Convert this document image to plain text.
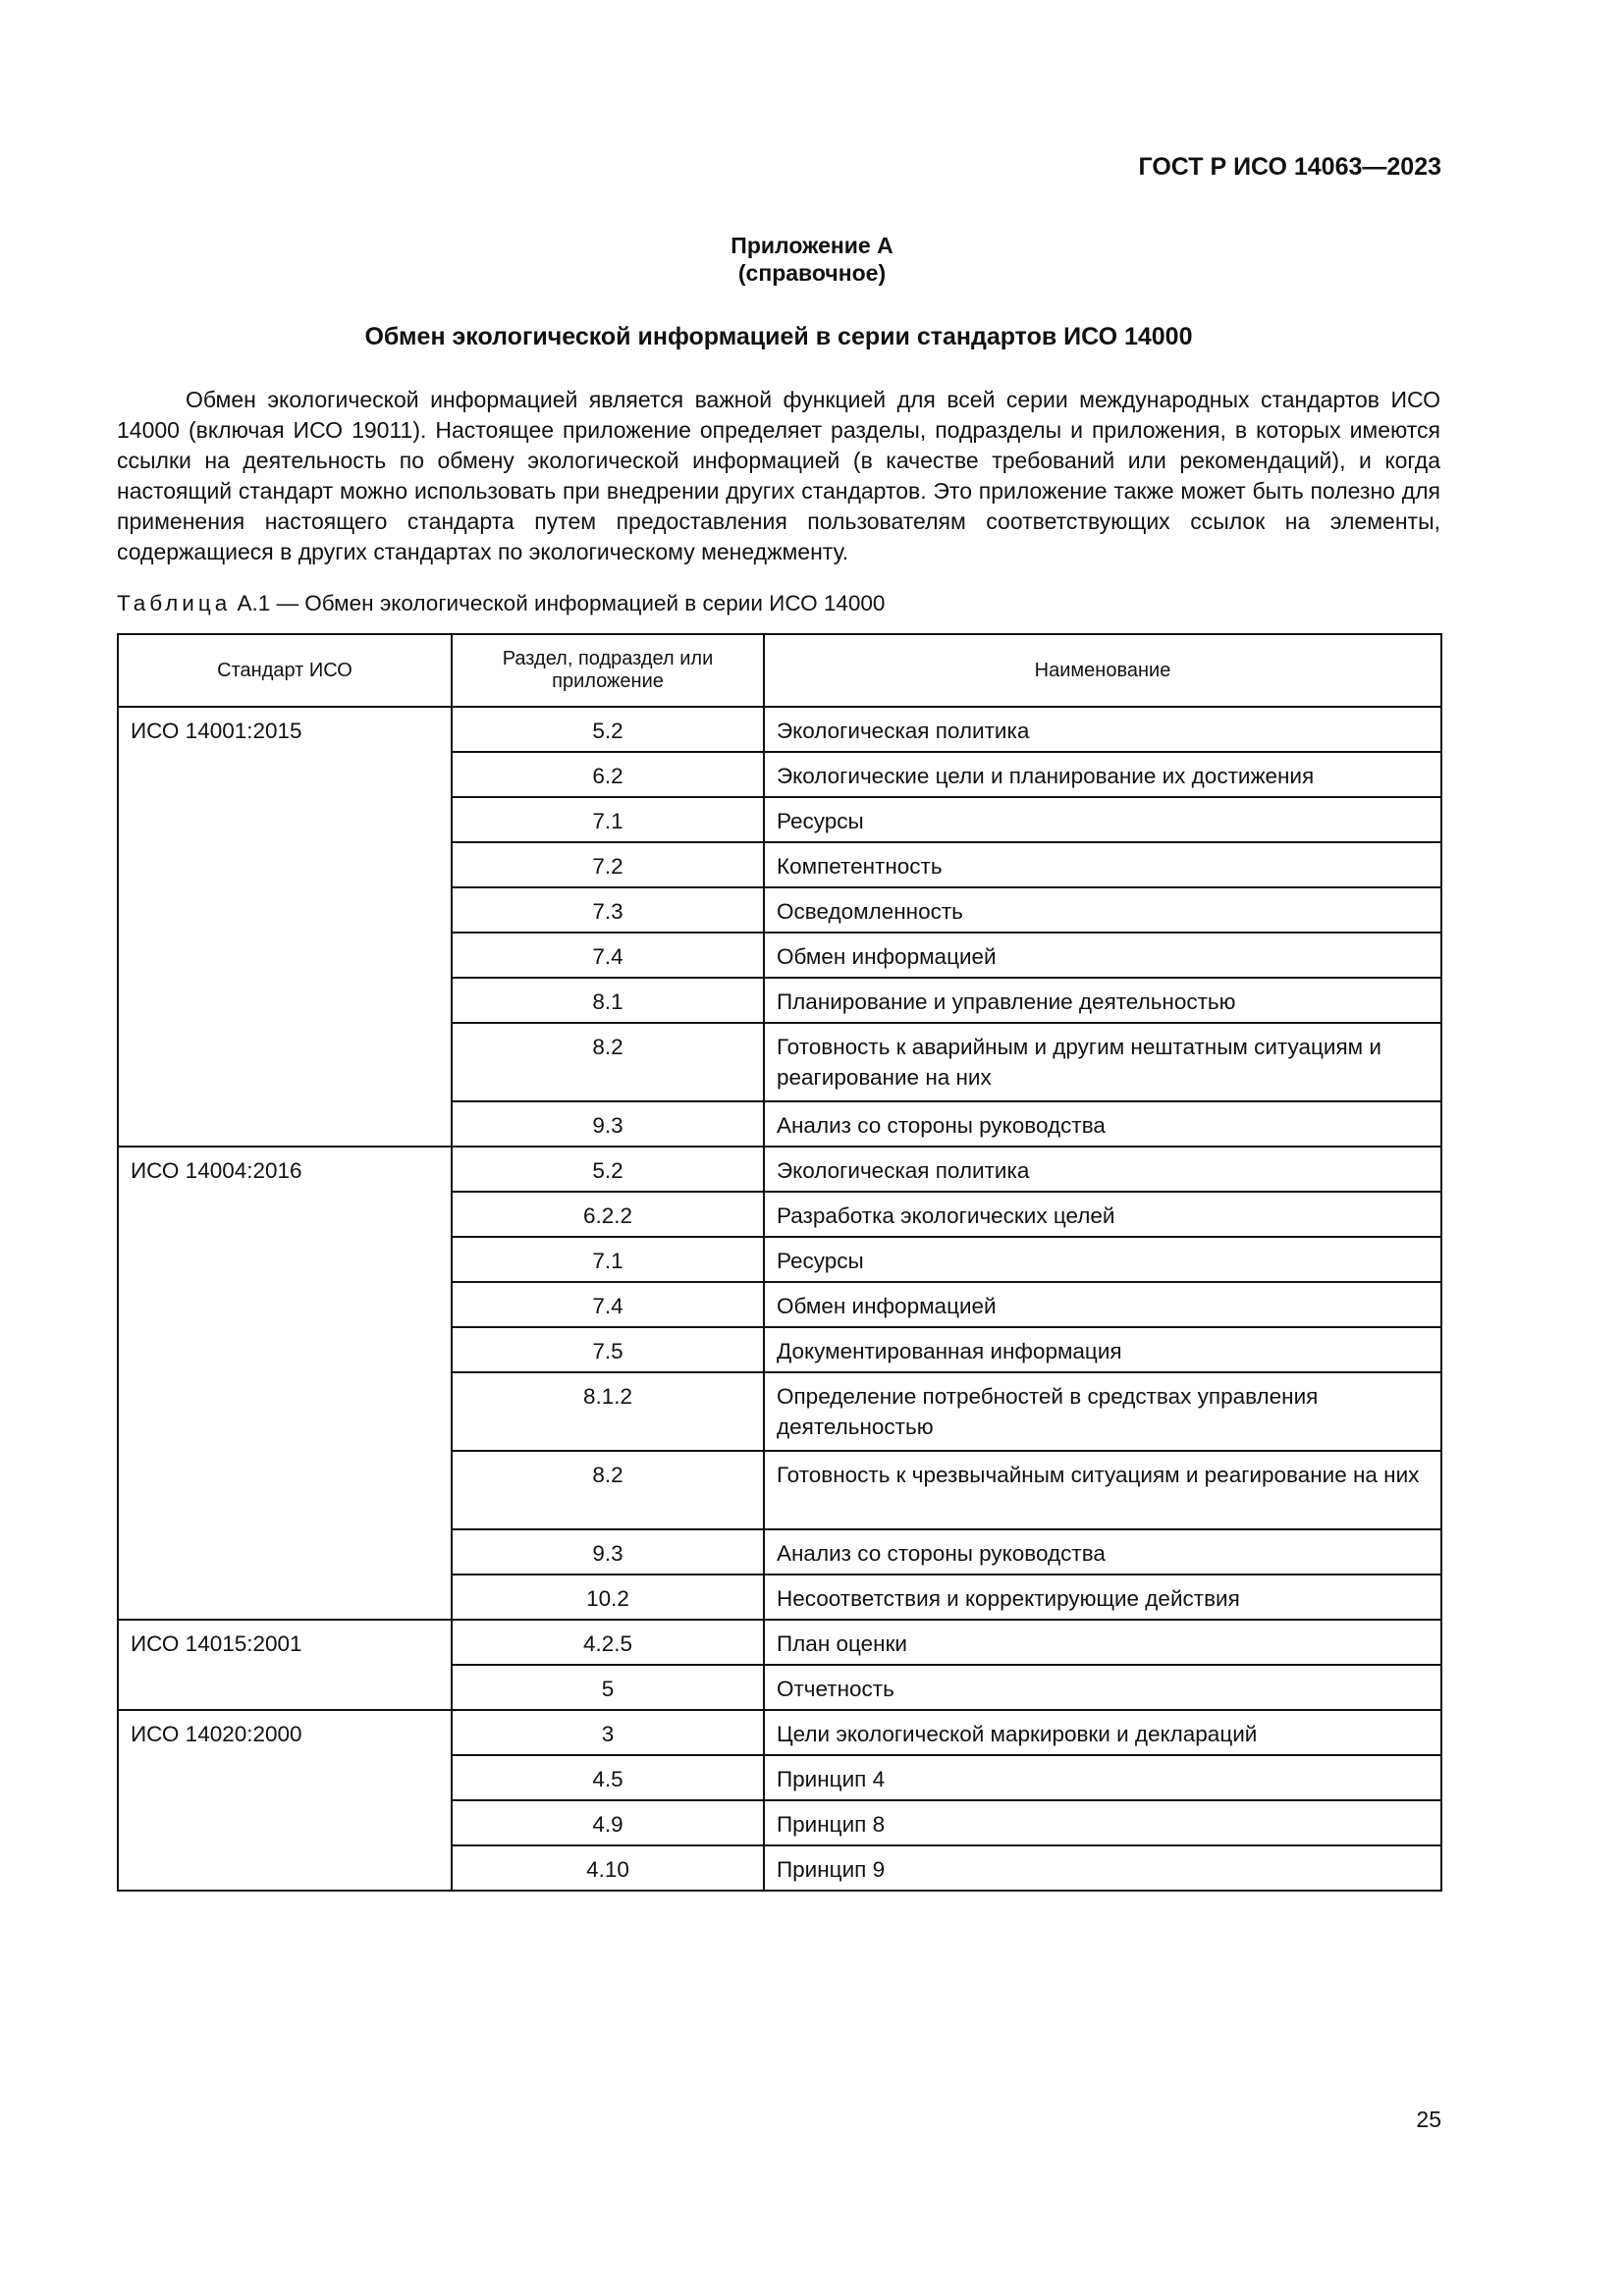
ГОСТ Р ИСО 14063—2023
Приложение А
(справочное)
Обмен экологической информацией в серии стандартов ИСО 14000

Обмен экологической информацией является важной функцией для всей серии международных стандартов ИСО 14000 (включая ИСО 19011). Настоящее приложение определяет разделы, подразделы и приложения, в которых имеются ссылки на деятельность по обмену экологической информацией (в качестве требований или рекомендаций), и когда настоящий стандарт можно использовать при внедрении других стандартов. Это приложение также может быть полезно для применения настоящего стандарта путем предоставления пользователям соответствующих ссылок на элементы, содержащиеся в других стандартах по экологическому менеджменту.

Таблица А.1 — Обмен экологической информацией в серии ИСО 14000
Стандарт ИСО	Раздел, подраздел или приложение	Наименование
ИСО 14001:2015	5.2	Экологическая политика
	6.2	Экологические цели и планирование их достижения
	7.1	Ресурсы
	7.2	Компетентность
	7.3	Осведомленность
	7.4	Обмен информацией
	8.1	Планирование и управление деятельностью
	8.2	Готовность к аварийным и другим нештатным ситуациям и реагирование на них
	9.3	Анализ со стороны руководства
ИСО 14004:2016	5.2	Экологическая политика
	6.2.2	Разработка экологических целей
	7.1	Ресурсы
	7.4	Обмен информацией
	7.5	Документированная информация
	8.1.2	Определение потребностей в средствах управления деятельностью
	8.2	Готовность к чрезвычайным ситуациям и реагирование на них
	9.3	Анализ со стороны руководства
	10.2	Несоответствия и корректирующие действия
ИСО 14015:2001	4.2.5	План оценки
	5	Отчетность
ИСО 14020:2000	3	Цели экологической маркировки и деклараций
	4.5	Принцип 4
	4.9	Принцип 8
	4.10	Принцип 9
25
